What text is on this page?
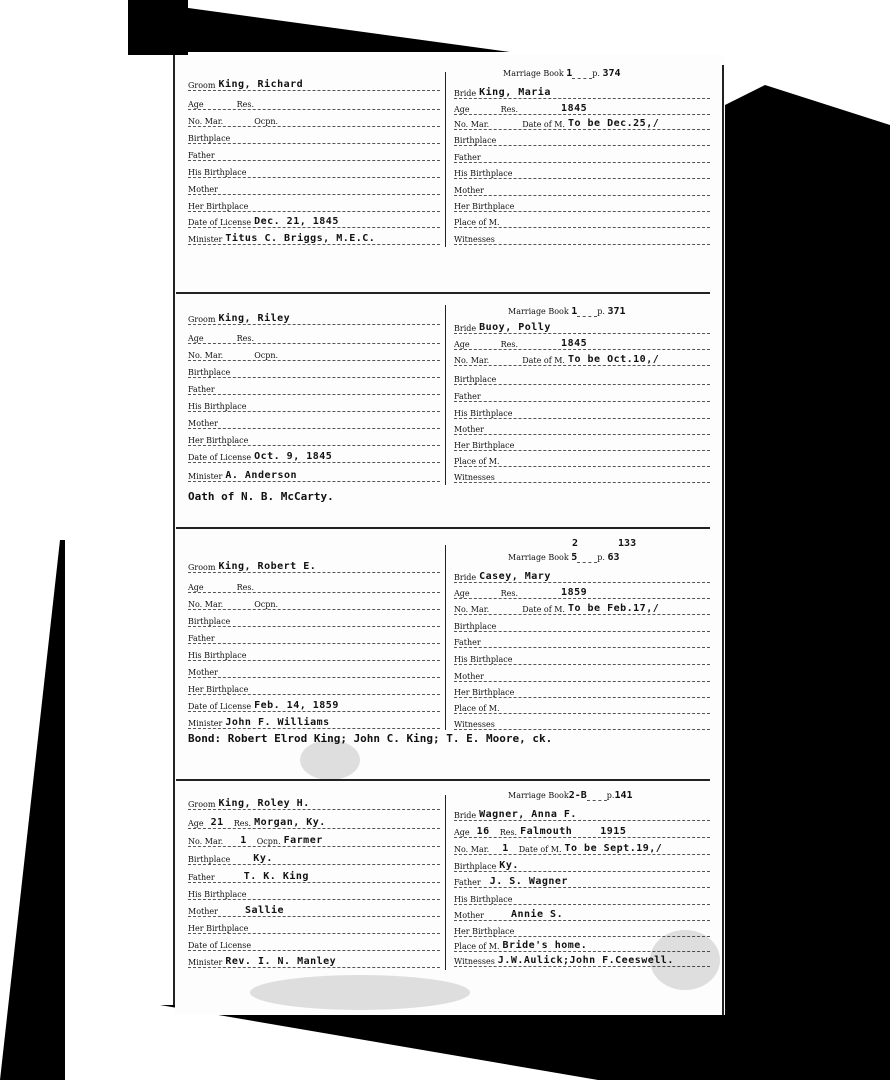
Groom King, Richard
Age	Res.
No. Mar.	Ocpn.
Birthplace
Father
His Birthplace
Mother
Her Birthplace
Date of License Dec. 21, 1845
Minister Titus C. Briggs, M.E.C.
Marriage Book 1	p. 374
Bride King, Maria
Age	Res.	1845
No. Mar.	Date of M. To be Dec.25,/
Birthplace
Father
His Birthplace
Mother
Her Birthplace
Place of M.
Witnesses
Groom King, Riley
Age	Res.
No. Mar.	Ocpn.
Birthplace
Father
His Birthplace
Mother
Her Birthplace
Date of License Oct. 9, 1845
Minister A. Anderson
Oath of N. B. McCarty.
Marriage Book 1	p. 371
Bride Buoy, Polly
Age	Res.	1845
No. Mar.	Date of M. To be Oct.10,/
Birthplace
Father
His Birthplace
Mother
Her Birthplace
Place of M.
Witnesses
Groom King, Robert E.
Age	Res.
No. Mar.	Ocpn.
Birthplace
Father
His Birthplace
Mother
Her Birthplace
Date of License Feb. 14, 1859
Minister John F. Williams
Bond: Robert Elrod King; John C. King; T. E. Moore, ck.
2	133
Marriage Book 5	p. 63
Bride Casey, Mary
Age	Res.	1859
No. Mar.	Date of M. To be Feb.17,/
Birthplace
Father
His Birthplace
Mother
Her Birthplace
Place of M.
Witnesses
Groom King, Roley H.
Age 21	Res. Morgan, Ky.
No. Mar.	1	Ocpn. Farmer
Birthplace	Ky.
Father	T. K. King
His Birthplace
Mother	Sallie
Her Birthplace
Date of License
Minister Rev. I. N. Manley
Marriage Book2-B	p.141
Bride Wagner, Anna F.
Age 16	Res. Falmouth	1915
No. Mar.	1	Date of M. To be Sept.19,/
Birthplace Ky.
Father J. S. Wagner
His Birthplace
Mother	Annie S.
Her Birthplace
Place of M. Bride's home.
Witnesses J.W.Aulick;John F.Ceeswell.
